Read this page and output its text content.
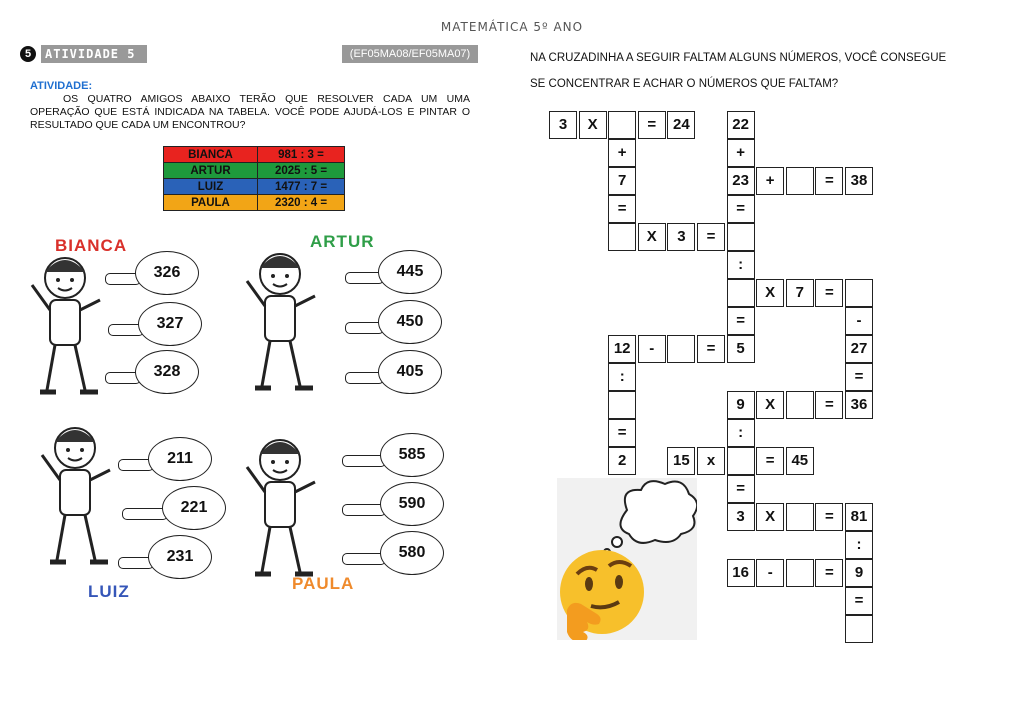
MATEMÁTICA 5º ANO
5	ATIVIDADE 5	(EF05MA08/EF05MA07)
ATIVIDADE:
OS QUATRO AMIGOS ABAIXO TERÃO QUE RESOLVER CADA UM UMA OPERAÇÃO QUE ESTÁ INDICADA NA TABELA. VOCÊ PODE AJUDÁ-LOS E PINTAR O RESULTADO QUE CADA UM ENCONTROU?
BIANCA	981 : 3 =
ARTUR	2025 : 5 =
LUIZ	1477 : 7 =
PAULA	2320 : 4 =
BIANCA
326
327
328
ARTUR
445
450
405
LUIZ
211
221
231
PAULA
585
590
580
NA CRUZADINHA A SEGUIR FALTAM ALGUNS NÚMEROS, VOCÊ CONSEGUE
SE CONCENTRAR E ACHAR O NÚMEROS QUE FALTAM?
3	X	=	24	22
+	+
7	23	+	=	38
=	=
X	3	=
:
X	7	=
=	-
12	-	=	5	27
:	=
9	X	=	36
=	:
2	15	x	=	45
=
3	X	=	81
:
16	-	=	9
=
